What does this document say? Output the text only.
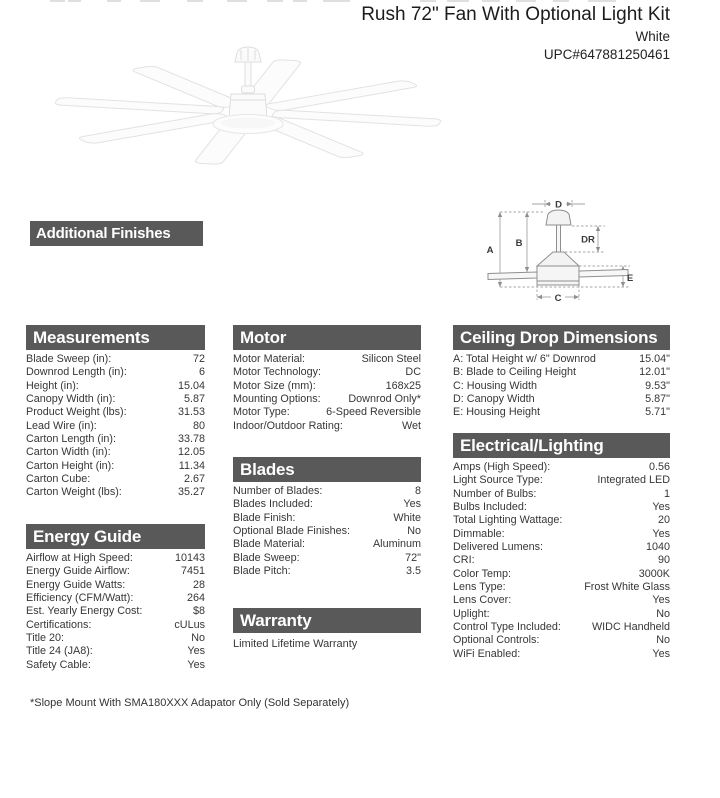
Rush 72" Fan With Optional Light Kit
White
UPC#647881250461
A
B
D
DR
C
E
Additional Finishes
Measurements
Blade Sweep (in):	72
Downrod Length (in):	6
Height (in):	15.04
Canopy Width (in):	5.87
Product Weight (lbs):	31.53
Lead Wire (in):	80
Carton Length (in):	33.78
Carton Width (in):	12.05
Carton Height (in):	11.34
Carton Cube:	2.67
Carton Weight (lbs):	35.27
Energy Guide
Airflow at High Speed:	10143
Energy Guide Airflow:	7451
Energy Guide Watts:	28
Efficiency (CFM/Watt):	264
Est. Yearly Energy Cost:	$8
Certifications:	cULus
Title 20:	No
Title 24 (JA8):	Yes
Safety Cable:	Yes
Motor
Motor Material:	Silicon Steel
Motor Technology:	DC
Motor Size (mm):	168x25
Mounting Options:	Downrod Only*
Motor Type:	6-Speed Reversible
Indoor/Outdoor Rating:	Wet
Blades
Number of Blades:	8
Blades Included:	Yes
Blade Finish:	White
Optional Blade Finishes:	No
Blade Material:	Aluminum
Blade Sweep:	72"
Blade Pitch:	3.5
Warranty
Limited Lifetime Warranty
Ceiling Drop Dimensions
A: Total Height w/ 6" Downrod	15.04"
B: Blade to Ceiling Height	12.01"
C: Housing Width	9.53"
D: Canopy Width	5.87"
E: Housing Height	5.71"
Electrical/Lighting
Amps (High Speed):	0.56
Light Source Type:	Integrated LED
Number of Bulbs:	1
Bulbs Included:	Yes
Total Lighting Wattage:	20
Dimmable:	Yes
Delivered Lumens:	1040
CRI:	90
Color Temp:	3000K
Lens Type:	Frost White Glass
Lens Cover:	Yes
Uplight:	No
Control Type Included:	WIDC Handheld
Optional Controls:	No
WiFi Enabled:	Yes
*Slope Mount With SMA180XXX Adapator Only (Sold Separately)
